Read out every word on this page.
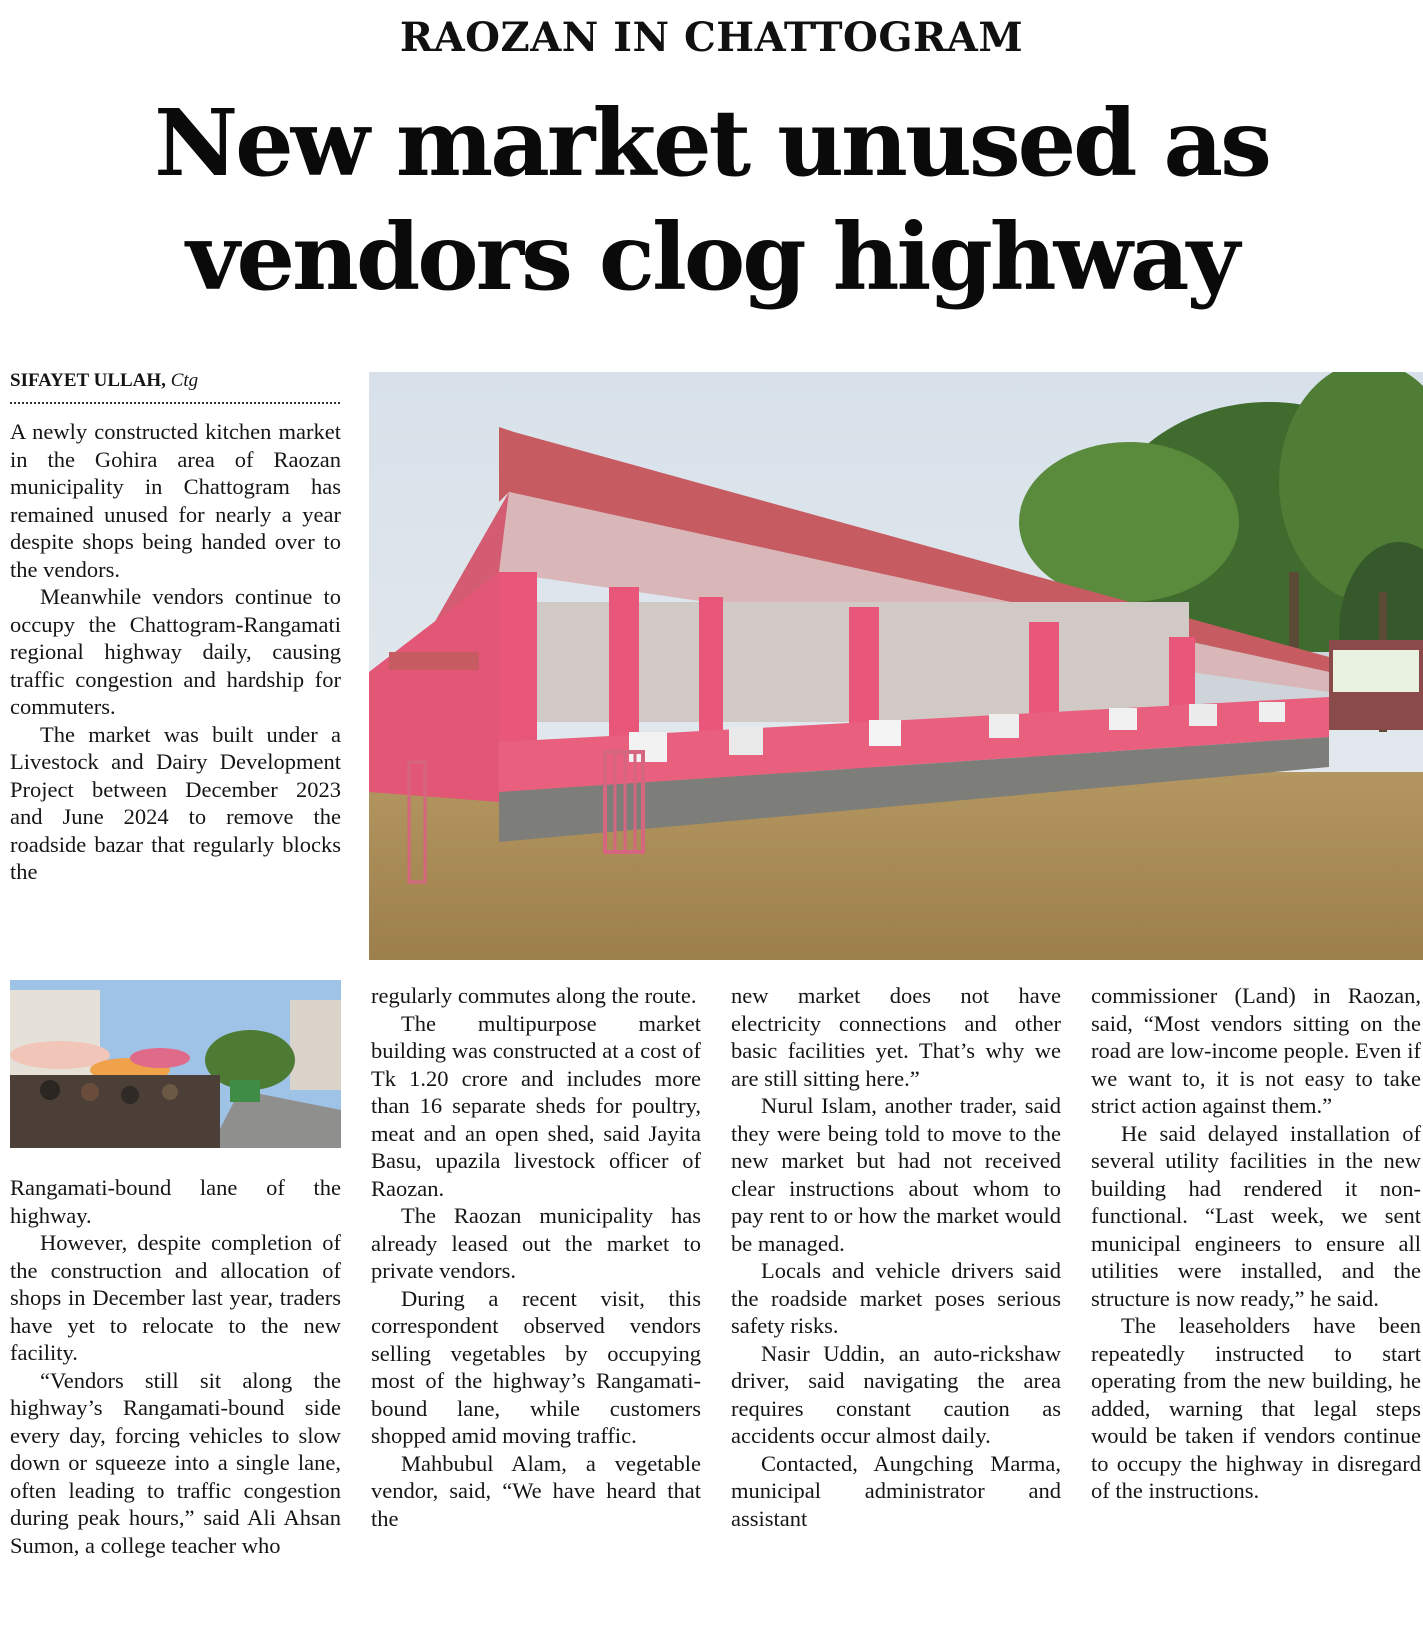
RAOZAN IN CHATTOGRAM
New market unused as
vendors clog highway
SIFAYET ULLAH, Ctg

A newly constructed kitchen market in the Gohira area of Raozan municipality in Chattogram has remained unused for nearly a year despite shops being handed over to the vendors.

Meanwhile vendors continue to occupy the Chattogram-Rangamati regional highway daily, causing traffic congestion and hardship for commuters.

The market was built under a Livestock and Dairy Development Project between December 2023 and June 2024 to remove the roadside bazar that regularly blocks the

Rangamati-bound lane of the highway.

However, despite completion of the construction and allocation of shops in December last year, traders have yet to relocate to the new facility.

“Vendors still sit along the highway’s Rangamati-bound side every day, forcing vehicles to slow down or squeeze into a single lane, often leading to traffic congestion during peak hours,” said Ali Ahsan Sumon, a college teacher who

regularly commutes along the route.

The multipurpose market building was constructed at a cost of Tk 1.20 crore and includes more than 16 separate sheds for poultry, meat and an open shed, said Jayita Basu, upazila livestock officer of Raozan.

The Raozan municipality has already leased out the market to private vendors.

During a recent visit, this correspondent observed vendors selling vegetables by occupying most of the highway’s Rangamati-bound lane, while customers shopped amid moving traffic.

Mahbubul Alam, a vegetable vendor, said, “We have heard that the

new market does not have electricity connections and other basic facilities yet. That’s why we are still sitting here.”

Nurul Islam, another trader, said they were being told to move to the new market but had not received clear instructions about whom to pay rent to or how the market would be managed.

Locals and vehicle drivers said the roadside market poses serious safety risks.

Nasir Uddin, an auto-rickshaw driver, said navigating the area requires constant caution as accidents occur almost daily.

Contacted, Aungching Marma, municipal administrator and assistant

commissioner (Land) in Raozan, said, “Most vendors sitting on the road are low-income people. Even if we want to, it is not easy to take strict action against them.”

He said delayed installation of several utility facilities in the new building had rendered it non-functional. “Last week, we sent municipal engineers to ensure all utilities were installed, and the structure is now ready,” he said.

The leaseholders have been repeatedly instructed to start operating from the new building, he added, warning that legal steps would be taken if vendors continue to occupy the highway in disregard of the instructions.
